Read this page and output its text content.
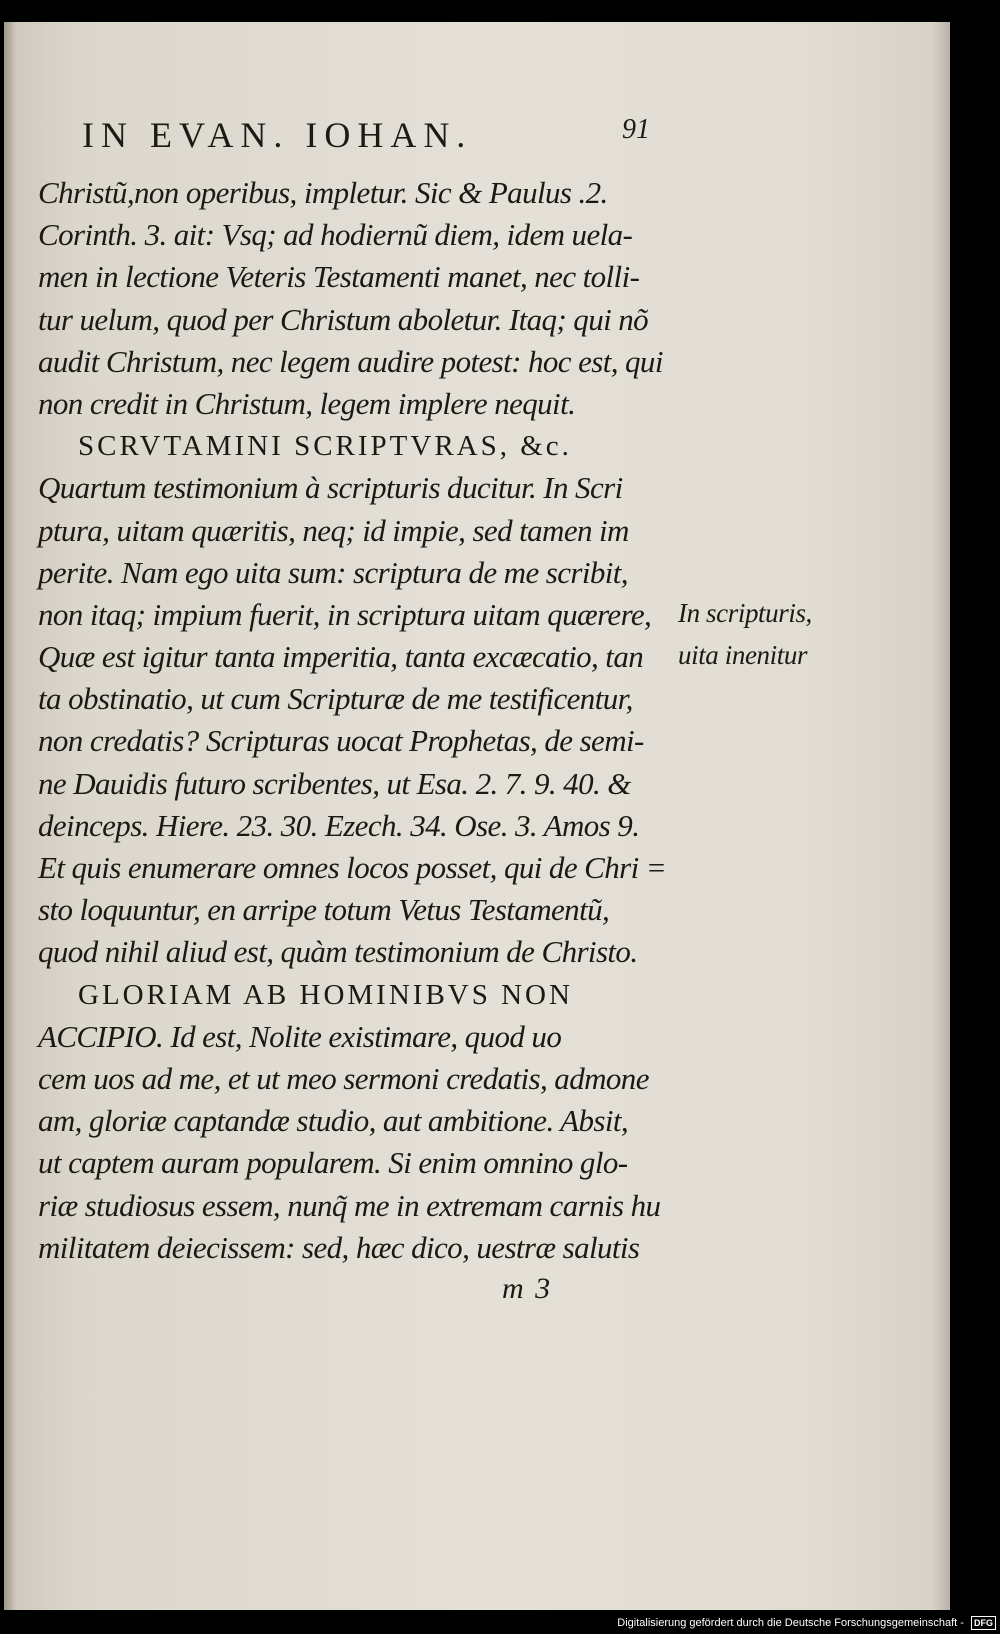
IN EVAN. IOHAN.	91
Christũ,non operibus, impletur. Sic & Paulus .2.
Corinth. 3. ait: Vsq; ad hodiernũ diem, idem uela-
men in lectione Veteris Testamenti manet, nec tolli-
tur uelum, quod per Christum aboletur. Itaq; qui nõ
audit Christum, nec legem audire potest: hoc est, qui
non credit in Christum, legem implere nequit.
SCRVTAMINI SCRIPTVRAS, &c.
Quartum testimonium à scripturis ducitur. In Scri
ptura, uitam quæritis, neq; id impie, sed tamen im
perite. Nam ego uita sum: scriptura de me scribit,
non itaq; impium fuerit, in scriptura uitam quærere,
Quæ est igitur tanta imperitia, tanta excæcatio, tan
ta obstinatio, ut cum Scripturæ de me testificentur,
non credatis? Scripturas uocat Prophetas, de semi-
ne Dauidis futuro scribentes, ut Esa. 2. 7. 9. 40. &
deinceps. Hiere. 23. 30. Ezech. 34. Ose. 3. Amos 9.
Et quis enumerare omnes locos posset, qui de Chri =
sto loquuntur, en arripe totum Vetus Testamentũ,
quod nihil aliud est, quàm testimonium de Christo.
GLORIAM AB HOMINIBVS NON
ACCIPIO. Id est, Nolite existimare, quod uo
cem uos ad me, et ut meo sermoni credatis, admone
am, gloriæ captandæ studio, aut ambitione. Absit,
ut captem auram popularem. Si enim omnino glo-
riæ studiosus essem, nunq̃ me in extremam carnis hu
militatem deiecissem: sed, hæc dico, uestræ salutis
In scripturis,
uita inenitur
m 3
Digitalisierung gefördert durch die Deutsche Forschungsgemeinschaft - DFG
